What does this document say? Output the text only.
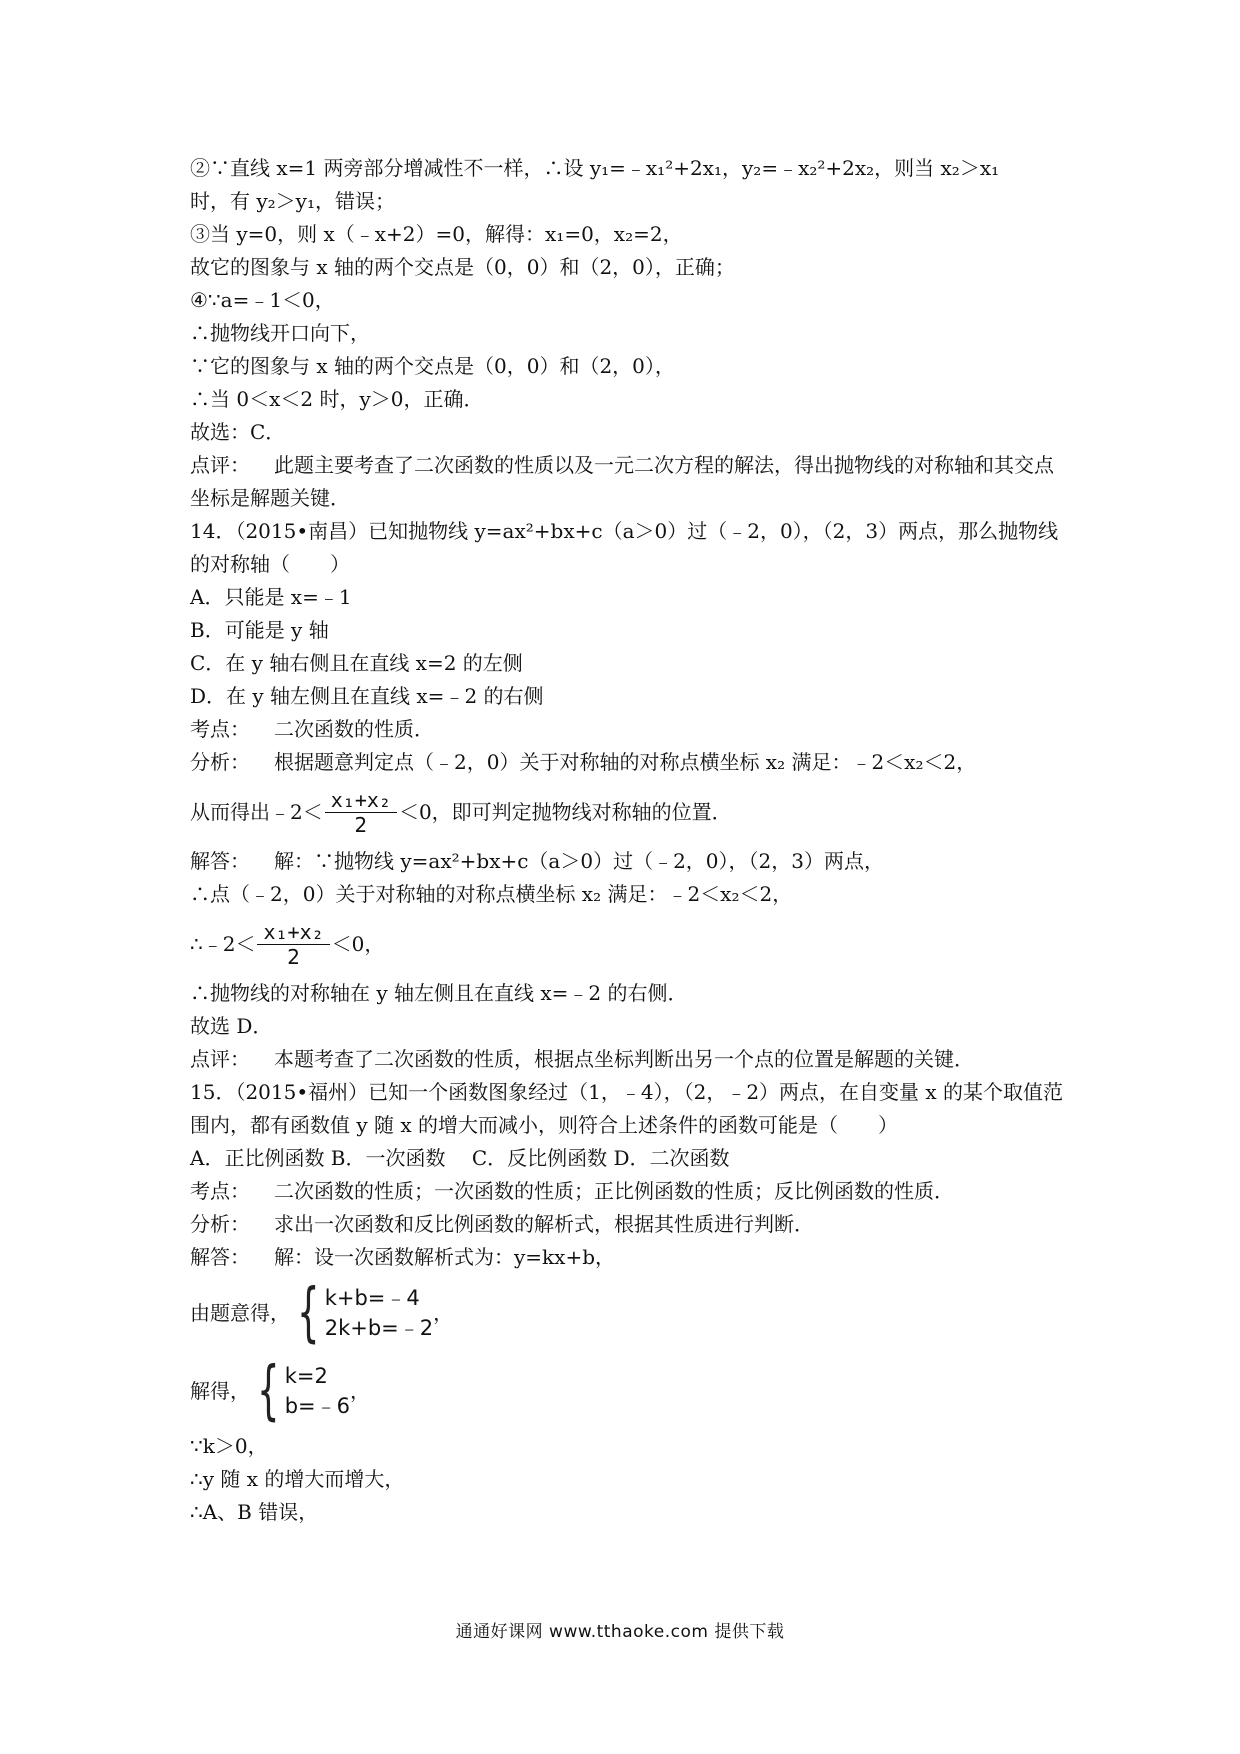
②∵直线 x=1 两旁部分增减性不一样，∴设 y₁=﹣x₁²+2x₁，y₂=﹣x₂²+2x₂，则当 x₂＞x₁
时，有 y₂＞y₁，错误；
③当 y=0，则 x（﹣x+2）=0，解得：x₁=0，x₂=2，
故它的图象与 x 轴的两个交点是（0，0）和（2，0），正确；
④∵a=﹣1＜0，
∴抛物线开口向下，
∵它的图象与 x 轴的两个交点是（0，0）和（2，0），
∴当 0＜x＜2 时，y＞0，正确．
故选：C．
点评： 此题主要考查了二次函数的性质以及一元二次方程的解法，得出抛物线的对称轴和其交点坐标是解题关键．
14．（2015•南昌）已知抛物线 y=ax²+bx+c（a＞0）过（﹣2，0），（2，3）两点，那么抛物线的对称轴（　　）
A．只能是 x=﹣1
B．可能是 y 轴
C．在 y 轴右侧且在直线 x=2 的左侧
D．在 y 轴左侧且在直线 x=﹣2 的右侧
考点： 二次函数的性质．
分析： 根据题意判定点（﹣2，0）关于对称轴的对称点横坐标 x₂ 满足：﹣2＜x₂＜2，
从而得出﹣2＜ $\frac{\text{x₁+x₂}}{2} <0$，即可判定抛物线对称轴的位置．
解答： 解：∵抛物线 y=ax²+bx+c（a＞0）过（﹣2，0），（2，3）两点，
∴点（﹣2，0）关于对称轴的对称点横坐标 x₂ 满足：﹣2＜x₂＜2，
∴﹣2＜ $\frac{\text{x₁+x₂}}{2} <0$，
∴抛物线的对称轴在 y 轴左侧且在直线 x=﹣2 的右侧．
故选 D．
点评： 本题考查了二次函数的性质，根据点坐标判断出另一个点的位置是解题的关键．
15．（2015•福州）已知一个函数图象经过（1，﹣4），（2，﹣2）两点，在自变量 x 的某个取值范围内，都有函数值 y 随 x 的增大而减小，则符合上述条件的函数可能是（　　）
A．正比例函数 B．一次函数　 C．反比例函数 D．二次函数
考点： 二次函数的性质；一次函数的性质；正比例函数的性质；反比例函数的性质．
分析： 求出一次函数和反比例函数的解析式，根据其性质进行判断．
解答： 解：设一次函数解析式为：y=kx+b，
由题意得， { k+b=﹣4
2k+b=﹣2
，
解得， { k=2
b=﹣6
，
∵k＞0，
∴y 随 x 的增大而增大，
∴A、B 错误，
通通好课网 www.tthaoke.com 提供下载
